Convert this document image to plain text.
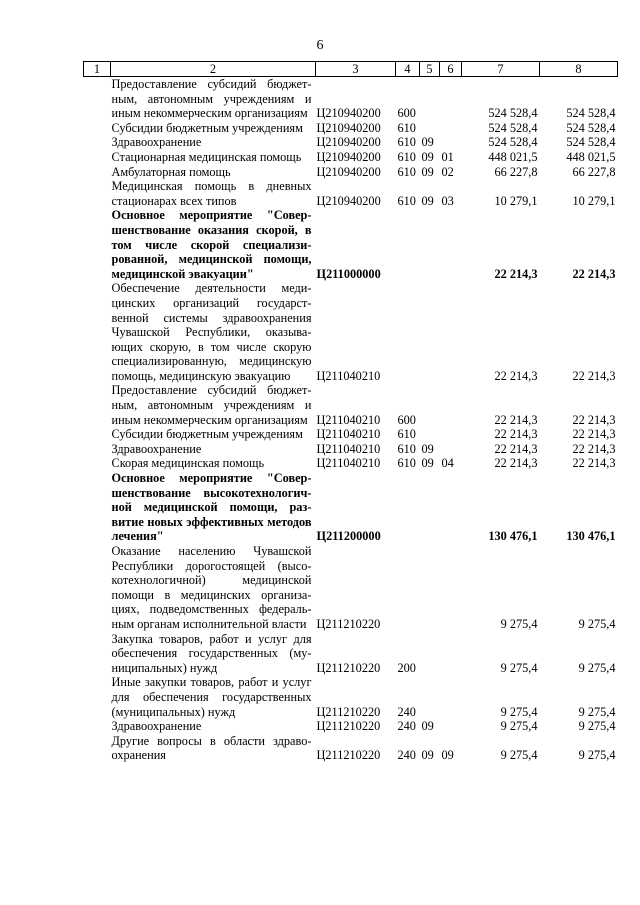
6
1	2	3	4	5	6	7	8
	Предоставление субсидий бюджетным, автономным учреждениям и иным некоммерческим организациям	Ц210940200	600			524 528,4	524 528,4
	Субсидии бюджетным учреждениям	Ц210940200	610			524 528,4	524 528,4
	Здравоохранение	Ц210940200	610	09		524 528,4	524 528,4
	Стационарная медицинская помощь	Ц210940200	610	09	01	448 021,5	448 021,5
	Амбулаторная помощь	Ц210940200	610	09	02	66 227,8	66 227,8
	Медицинская помощь в дневных стационарах всех типов	Ц210940200	610	09	03	10 279,1	10 279,1
	Основное мероприятие "Совершенствование оказания скорой, в том числе скорой специализированной, медицинской помощи, медицинской эвакуации"	Ц211000000				22 214,3	22 214,3
	Обеспечение деятельности медицинских организаций государственной системы здравоохранения Чувашской Республики, оказывающих скорую, в том числе скорую специализированную, медицинскую помощь, медицинскую эвакуацию	Ц211040210				22 214,3	22 214,3
	Предоставление субсидий бюджетным, автономным учреждениям и иным некоммерческим организациям	Ц211040210	600			22 214,3	22 214,3
	Субсидии бюджетным учреждениям	Ц211040210	610			22 214,3	22 214,3
	Здравоохранение	Ц211040210	610	09		22 214,3	22 214,3
	Скорая медицинская помощь	Ц211040210	610	09	04	22 214,3	22 214,3
	Основное мероприятие "Совершенствование высокотехнологичной медицинской помощи, развитие новых эффективных методов лечения"	Ц211200000				130 476,1	130 476,1
	Оказание населению Чувашской Республики дорогостоящей (высокотехнологичной) медицинской помощи в медицинских организациях, подведомственных федеральным органам исполнительной власти	Ц211210220				9 275,4	9 275,4
	Закупка товаров, работ и услуг для обеспечения государственных (муниципальных) нужд	Ц211210220	200			9 275,4	9 275,4
	Иные закупки товаров, работ и услуг для обеспечения государственных (муниципальных) нужд	Ц211210220	240			9 275,4	9 275,4
	Здравоохранение	Ц211210220	240	09		9 275,4	9 275,4
	Другие вопросы в области здравоохранения	Ц211210220	240	09	09	9 275,4	9 275,4
